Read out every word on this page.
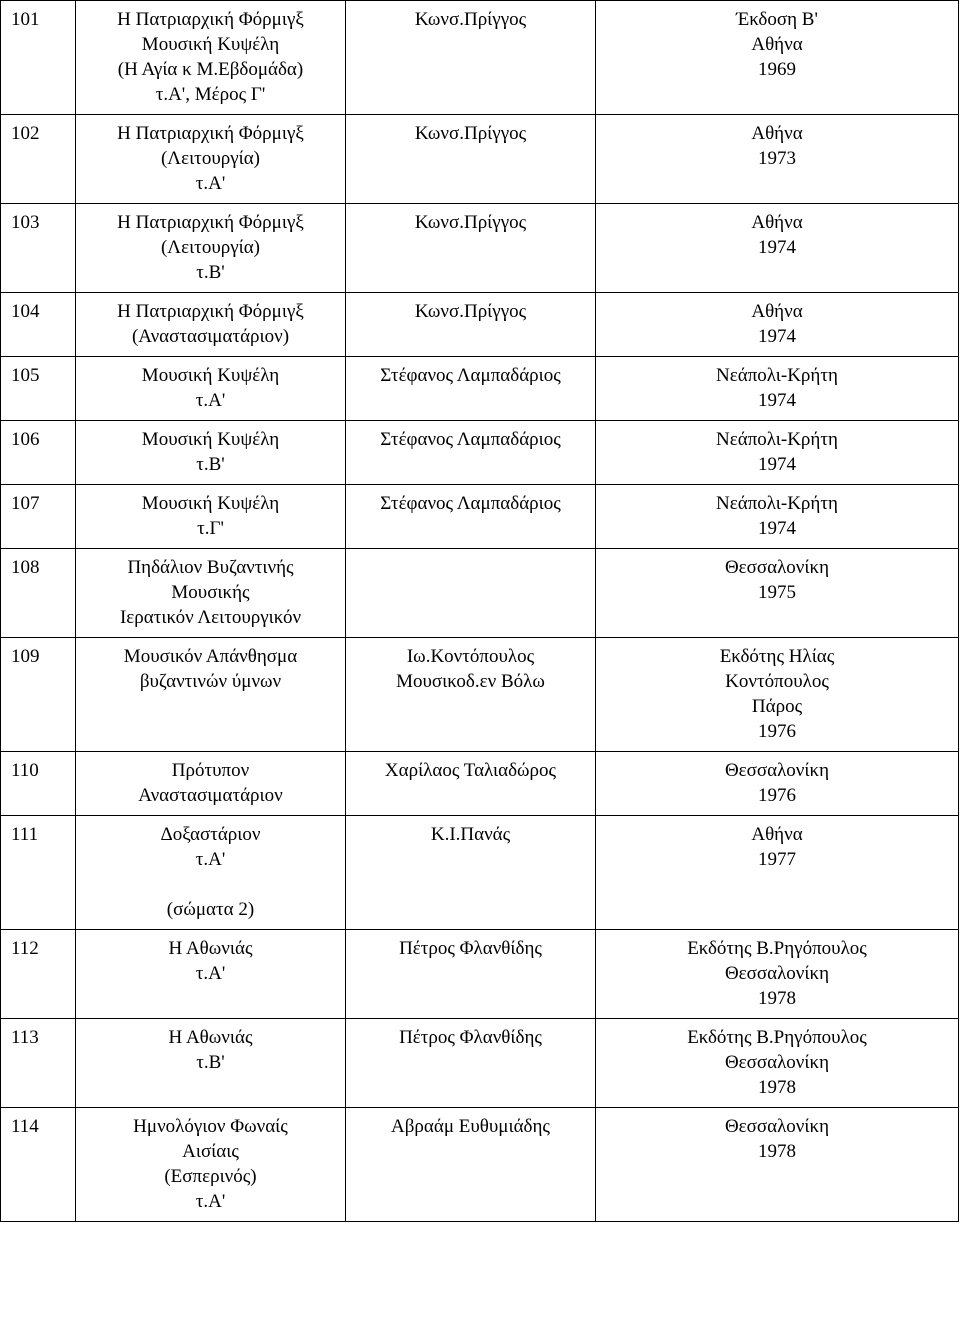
101	Η Πατριαρχική Φόρμιγξ
Μουσική Κυψέλη
(Η Αγία κ Μ.Εβδομάδα)
τ.Α', Μέρος Γ'	Κωνσ.Πρίγγος	Έκδοση Β'
Αθήνα
1969
102	Η Πατριαρχική Φόρμιγξ
(Λειτουργία)
τ.Α'	Κωνσ.Πρίγγος	Αθήνα
1973
103	Η Πατριαρχική Φόρμιγξ
(Λειτουργία)
τ.Β'	Κωνσ.Πρίγγος	Αθήνα
1974
104	Η Πατριαρχική Φόρμιγξ
(Αναστασιματάριον)	Κωνσ.Πρίγγος	Αθήνα
1974
105	Μουσική Κυψέλη
τ.Α'	Στέφανος Λαμπαδάριος	Νεάπολι-Κρήτη
1974
106	Μουσική Κυψέλη
τ.Β'	Στέφανος Λαμπαδάριος	Νεάπολι-Κρήτη
1974
107	Μουσική Κυψέλη
τ.Γ'	Στέφανος Λαμπαδάριος	Νεάπολι-Κρήτη
1974
108	Πηδάλιον Βυζαντινής
Μουσικής
Ιερατικόν Λειτουργικόν		Θεσσαλονίκη
1975
109	Μουσικόν Απάνθησμα
βυζαντινών ύμνων	Ιω.Κοντόπουλος
Μουσικοδ.εν Βόλω	Εκδότης Ηλίας
Κοντόπουλος
Πάρος
1976
110	Πρότυπον
Αναστασιματάριον	Χαρίλαος Ταλιαδώρος	Θεσσαλονίκη
1976
111	Δοξαστάριον
τ.Α'

(σώματα 2)	Κ.Ι.Πανάς	Αθήνα
1977
112	Η Αθωνιάς
τ.Α'	Πέτρος Φλανθίδης	Εκδότης Β.Ρηγόπουλος
Θεσσαλονίκη
1978
113	Η Αθωνιάς
τ.Β'	Πέτρος Φλανθίδης	Εκδότης Β.Ρηγόπουλος
Θεσσαλονίκη
1978
114	Ημνολόγιον Φωναίς
Αισίαις
(Εσπερινός)
τ.Α'	Αβραάμ Ευθυμιάδης	Θεσσαλονίκη
1978
